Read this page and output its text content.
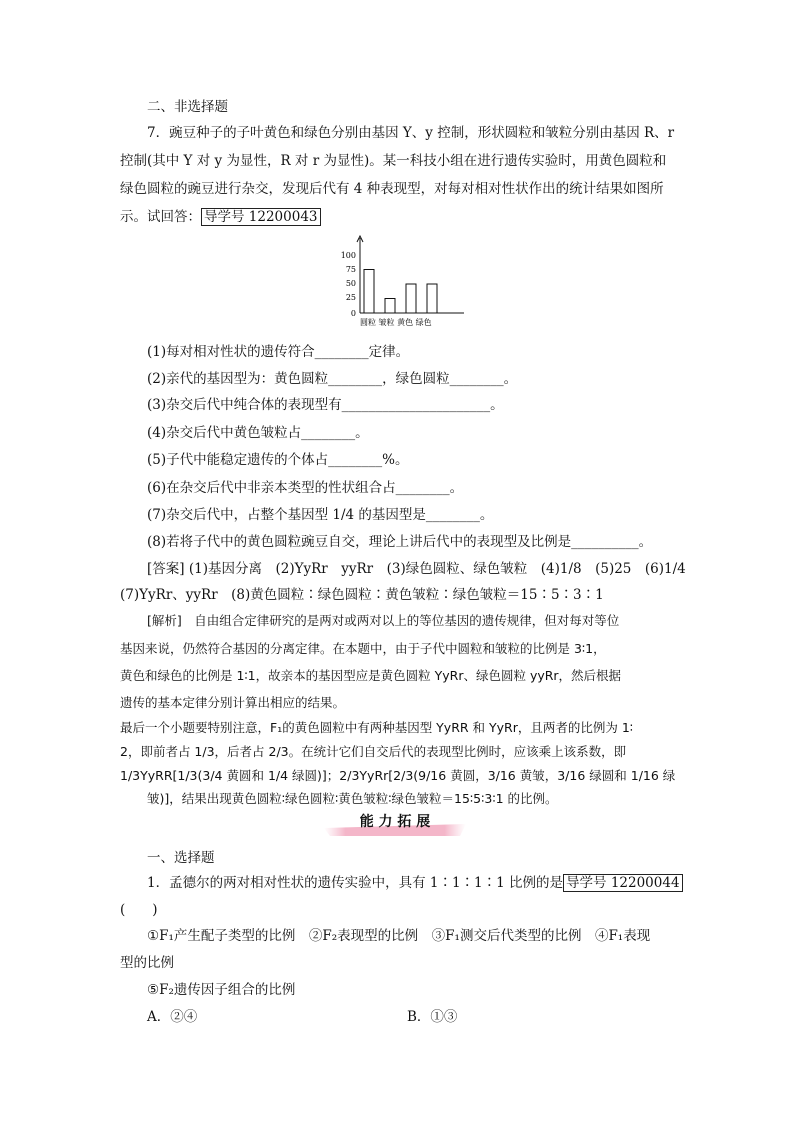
二、非选择题
7．豌豆种子的子叶黄色和绿色分别由基因 Y、y 控制，形状圆粒和皱粒分别由基因 R、r
控制(其中 Y 对 y 为显性，R 对 r 为显性)。某一科技小组在进行遗传实验时，用黄色圆粒和
绿色圆粒的豌豆进行杂交，发现后代有 4 种表现型，对每对相对性状作出的统计结果如图所
示。试回答： 导学号 12200043
100
75
50
25
0
圆粒 皱粒 黄色 绿色
(1)每对相对性状的遗传符合________定律。
(2)亲代的基因型为：黄色圆粒________，绿色圆粒________。
(3)杂交后代中纯合体的表现型有______________________。
(4)杂交后代中黄色皱粒占________。
(5)子代中能稳定遗传的个体占________%。
(6)在杂交后代中非亲本类型的性状组合占________。
(7)杂交后代中，占整个基因型 1/4 的基因型是________。
(8)若将子代中的黄色圆粒豌豆自交，理论上讲后代中的表现型及比例是__________。
[答案] (1)基因分离　(2)YyRr　yyRr　(3)绿色圆粒、绿色皱粒　(4)1/8　(5)25　(6)1/4
(7)YyRr、yyRr　(8)黄色圆粒∶绿色圆粒∶黄色皱粒∶绿色皱粒＝15∶5∶3∶1
[解析]　自由组合定律研究的是两对或两对以上的等位基因的遗传规律，但对每对等位
基因来说，仍然符合基因的分离定律。在本题中，由于子代中圆粒和皱粒的比例是 3∶1，
黄色和绿色的比例是 1∶1，故亲本的基因型应是黄色圆粒 YyRr、绿色圆粒 yyRr，然后根据
遗传的基本定律分别计算出相应的结果。
最后一个小题要特别注意，F₁的黄色圆粒中有两种基因型 YyRR 和 YyRr，且两者的比例为 1∶
2，即前者占 1/3，后者占 2/3。在统计它们自交后代的表现型比例时，应该乘上该系数，即
1/3YyRR[1/3(3/4 黄圆和 1/4 绿圆)]；2/3YyRr[2/3(9/16 黄圆，3/16 黄皱，3/16 绿圆和 1/16 绿
皱)]，结果出现黄色圆粒∶绿色圆粒∶黄色皱粒∶绿色皱粒＝15∶5∶3∶1 的比例。
能 力 拓 展
一、选择题
1．孟德尔的两对相对性状的遗传实验中，具有 1∶1∶1∶1 比例的是 导学号 12200044
(　　)
①F₁产生配子类型的比例　②F₂表现型的比例　③F₁测交后代类型的比例　④F₁表现
型的比例
⑤F₂遗传因子组合的比例
A．②④	B．①③
